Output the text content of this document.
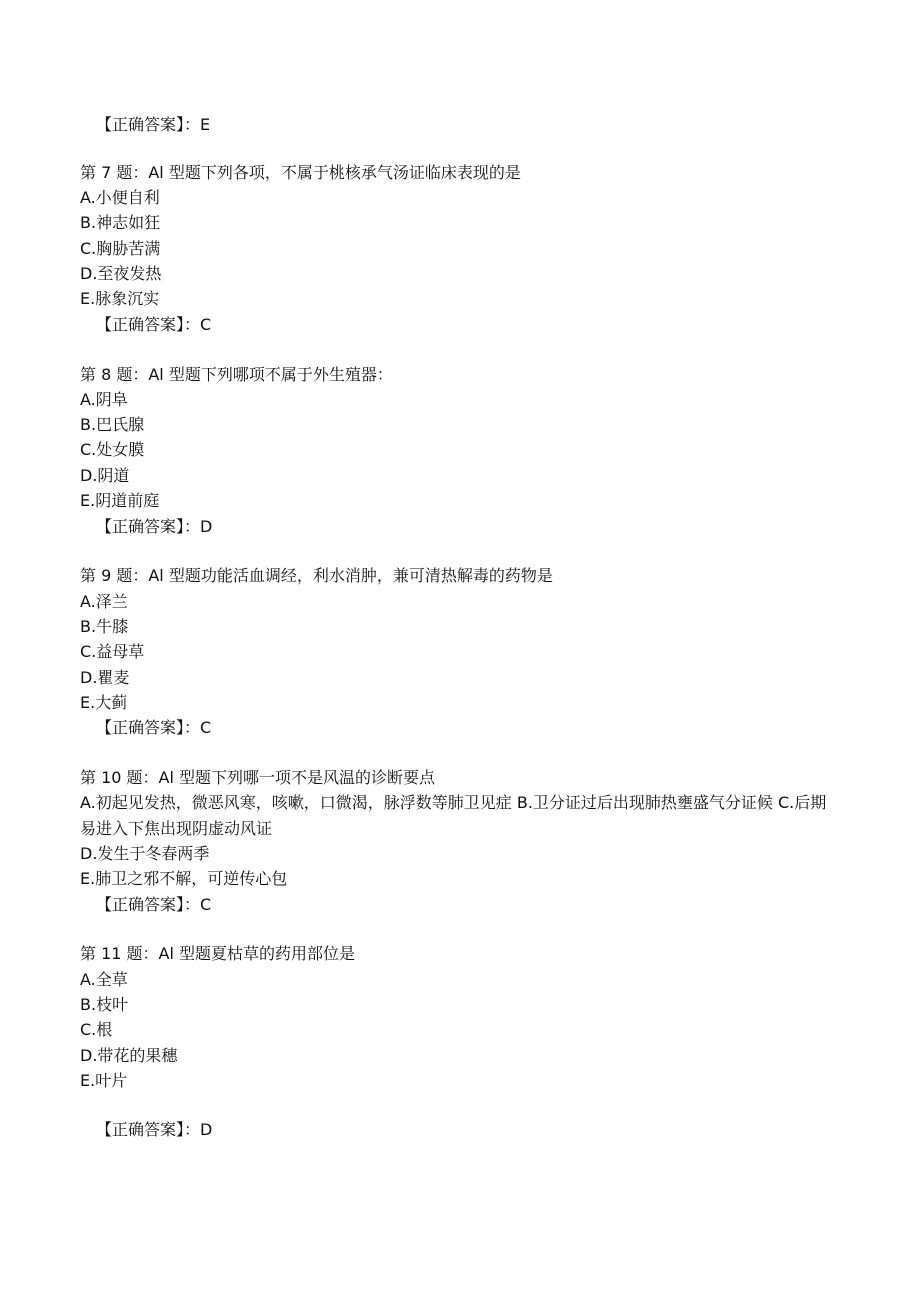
【正确答案】：E
第 7 题：Al 型题下列各项，不属于桃核承气汤证临床表现的是
A.小便自利
B.神志如狂
C.胸胁苦满
D.至夜发热
E.脉象沉实
【正确答案】：C
第 8 题：Al 型题下列哪项不属于外生殖器：
A.阴阜
B.巴氏腺
C.处女膜
D.阴道
E.阴道前庭
【正确答案】：D
第 9 题：Al 型题功能活血调经，利水消肿，兼可清热解毒的药物是
A.泽兰
B.牛膝
C.益母草
D.瞿麦
E.大蓟
【正确答案】：C
第 10 题：Al 型题下列哪一项不是风温的诊断要点
A.初起见发热，微恶风寒，咳嗽，口微渴，脉浮数等肺卫见症 B.卫分证过后出现肺热壅盛气分证候 C.后期易进入下焦出现阴虚动风证
D.发生于冬春两季
E.肺卫之邪不解，可逆传心包
【正确答案】：C
第 11 题：Al 型题夏枯草的药用部位是
A.全草
B.枝叶
C.根
D.带花的果穗
E.叶片
【正确答案】：D
